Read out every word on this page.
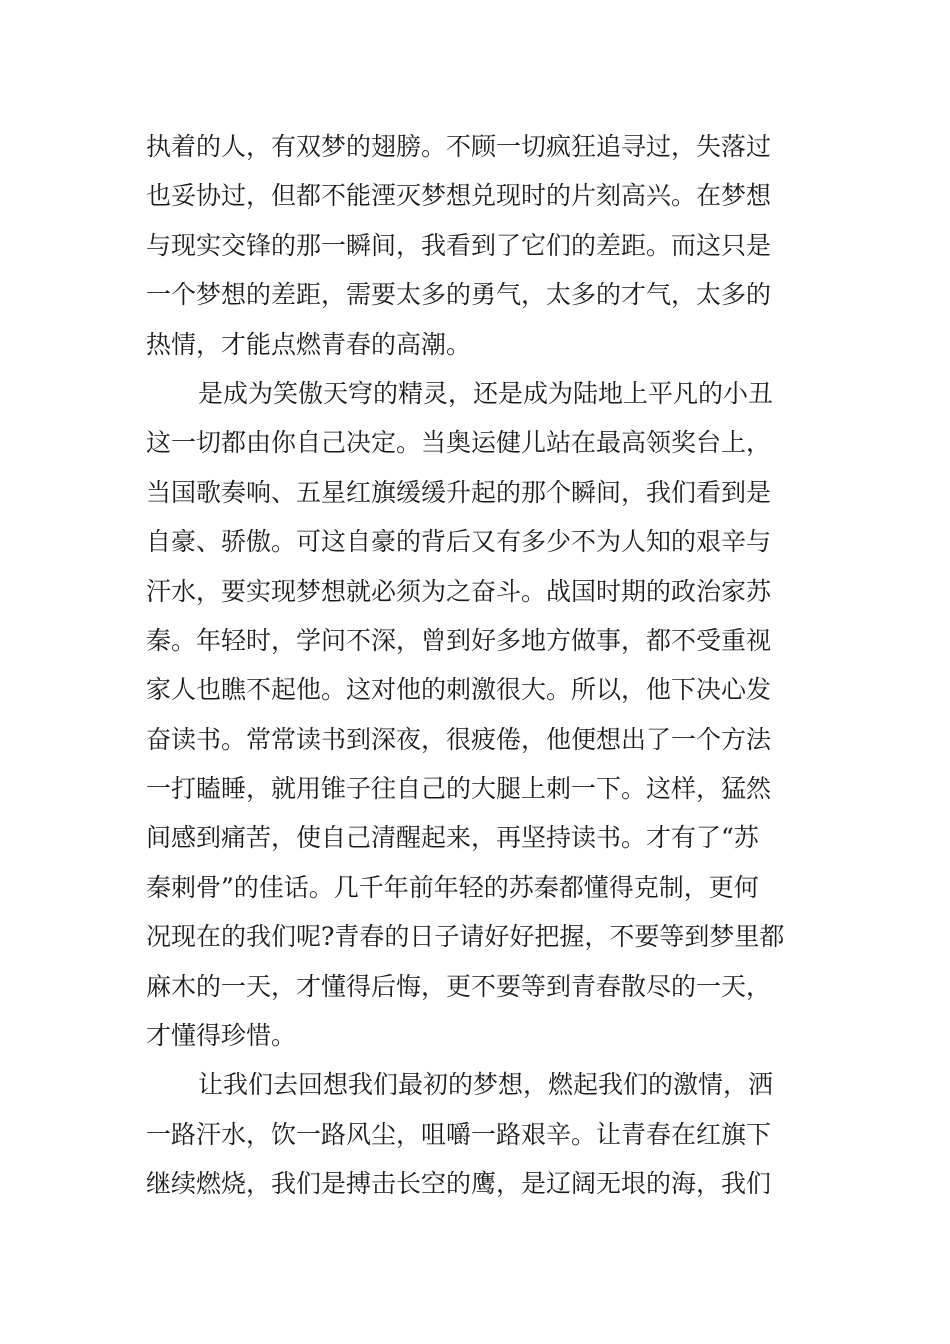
执着的人，有双梦的翅膀。不顾一切疯狂追寻过，失落过
也妥协过，但都不能湮灭梦想兑现时的片刻高兴。在梦想
与现实交锋的那一瞬间，我看到了它们的差距。而这只是
一个梦想的差距，需要太多的勇气，太多的才气，太多的
热情，才能点燃青春的高潮。
是成为笑傲天穹的精灵，还是成为陆地上平凡的小丑
这一切都由你自己决定。当奥运健儿站在最高领奖台上，
当国歌奏响、五星红旗缓缓升起的那个瞬间，我们看到是
自豪、骄傲。可这自豪的背后又有多少不为人知的艰辛与
汗水，要实现梦想就必须为之奋斗。战国时期的政治家苏
秦。年轻时，学问不深，曾到好多地方做事，都不受重视
家人也瞧不起他。这对他的刺激很大。所以，他下决心发
奋读书。常常读书到深夜，很疲倦，他便想出了一个方法
一打瞌睡，就用锥子往自己的大腿上刺一下。这样，猛然
间感到痛苦，使自己清醒起来，再坚持读书。才有了“苏
秦刺骨”的佳话。几千年前年轻的苏秦都懂得克制，更何
况现在的我们呢?青春的日子请好好把握，不要等到梦里都
麻木的一天，才懂得后悔，更不要等到青春散尽的一天，
才懂得珍惜。
让我们去回想我们最初的梦想，燃起我们的激情，洒
一路汗水，饮一路风尘，咀嚼一路艰辛。让青春在红旗下
继续燃烧，我们是搏击长空的鹰，是辽阔无垠的海，我们
